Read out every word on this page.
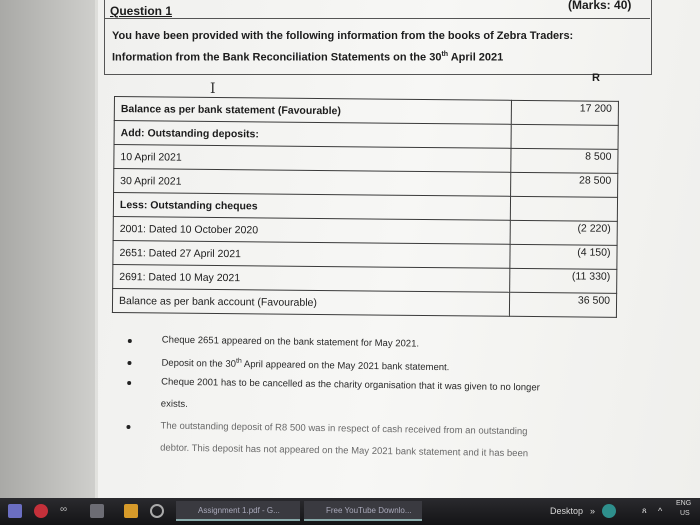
Question 1	(Marks: 40)
You have been provided with the following information from the books of Zebra Traders:
Information from the Bank Reconciliation Statements on the 30th April 2021
I
R
Balance as per bank statement (Favourable)	17 200
Add: Outstanding deposits:	
10 April 2021	8 500
30 April 2021	28 500
Less: Outstanding cheques	
2001: Dated 10 October 2020	(2 220)
2651: Dated 27 April 2021	(4 150)
2691: Dated 10 May 2021	(11 330)
Balance as per bank account (Favourable)	36 500
Cheque 2651 appeared on the bank statement for May 2021.
Deposit on the 30th April appeared on the May 2021 bank statement.
Cheque 2001 has to be cancelled as the charity organisation that it was given to no longer
exists.
The outstanding deposit of R8 500 was in respect of cash received from an outstanding
debtor. This deposit has not appeared on the May 2021 bank statement and it has been
∞	Assignment 1.pdf - G...	Free YouTube Downlo...	Desktop »	ጸ ^
ENG
US
